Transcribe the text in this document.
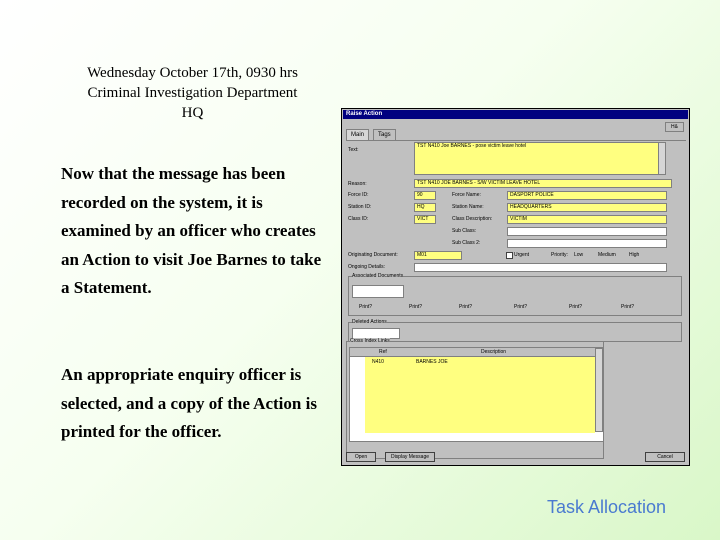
Wednesday October 17th, 0930 hrs
Criminal Investigation Department
HQ
Now that the message has been recorded on the system, it is examined by an officer who creates an Action to visit Joe Barnes to take a Statement.
An appropriate enquiry officer is selected, and a copy of the Action is printed for the officer.
Task Allocation
Raise Action
H&
Main	Tags
Text:
TST N410 Joe BARNES - pose victim leave hotel
Reason:	TST N410 JOE BARNES - S/W VICTIM LEAVE HOTEL
Force ID:	90	Force Name:	DASPORT POLICE
Station ID:	HQ	Station Name:	HEADQUARTERS
Class ID:	VICT	Class Description:	VICTIM
Sub Class:
Sub Class 2:
Originating Document:	M01	Urgent	Priority: Low	Medium	High
Ongoing Details:
Associated Documents
Print?	Print?	Print?	Print?	Print?	Print?
Deleted Actions
Cross Index Links
Ref	Description
N410	BARNES JOE
Open	Display Message	Cancel
